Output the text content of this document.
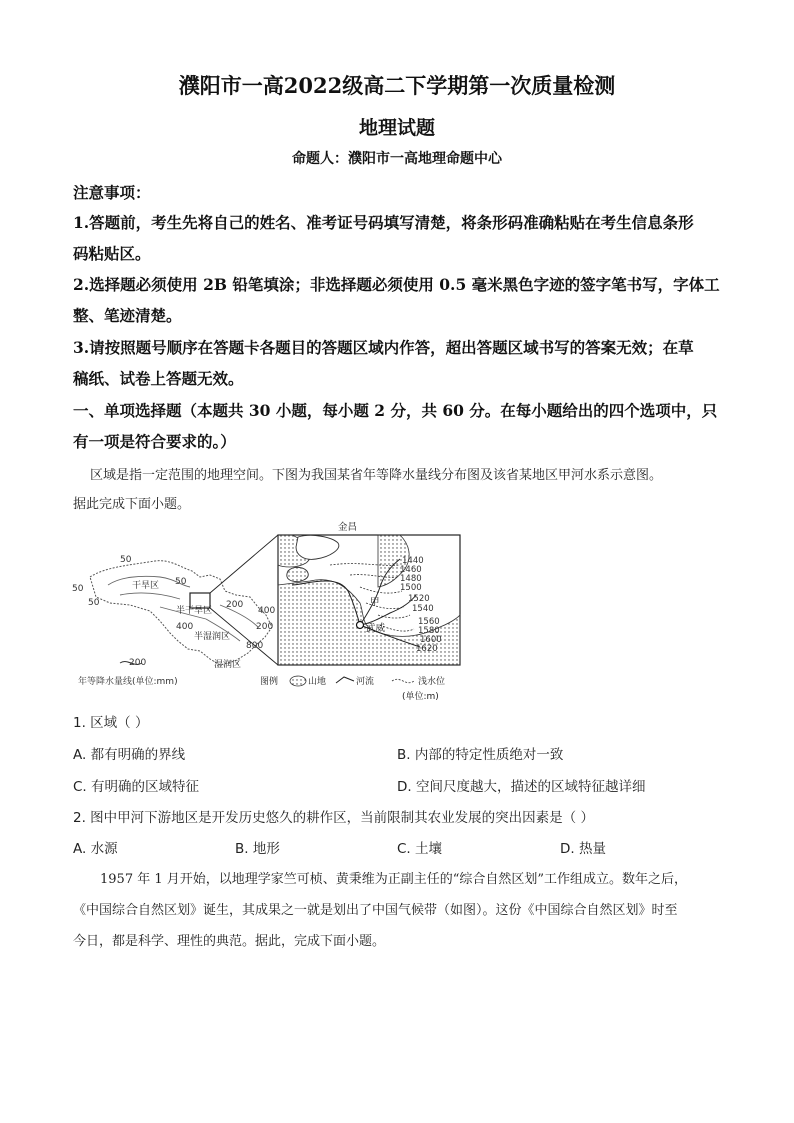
濮阳市一高2022级高二下学期第一次质量检测
地理试题
命题人：濮阳市一高地理命题中心
注意事项：
1.答题前，考生先将自己的姓名、准考证号码填写清楚，将条形码准确粘贴在考生信息条形
码粘贴区。
2.选择题必须使用 2B 铅笔填涂；非选择题必须使用 0.5 毫米黑色字迹的签字笔书写，字体工
整、笔迹清楚。
3.请按照题号顺序在答题卡各题目的答题区域内作答，超出答题区域书写的答案无效；在草
稿纸、试卷上答题无效。
一、单项选择题（本题共 30 小题，每小题 2 分，共 60 分。在每小题给出的四个选项中，只
有一项是符合要求的。）
区域是指一定范围的地理空间。下图为我国某省年等降水量线分布图及该省某地区甲河水系示意图。
据此完成下面小题。
50
50
50
50	200
400
400
200
800
干旱区
半干旱区
半湿润区
湿润区
200
年等降水量线(单位:mm)
金昌
武威
甲
1440
1460
1480
1500
1520
1540
1560
1580
1600
1620
图例	山地	河流	浅水位
(单位:m)
1. 区域（ ）
A. 都有明确的界线	B. 内部的特定性质绝对一致
C. 有明确的区域特征	D. 空间尺度越大，描述的区域特征越详细
2. 图中甲河下游地区是开发历史悠久的耕作区，当前限制其农业发展的突出因素是（ ）
A. 水源	B. 地形	C. 土壤	D. 热量
1957 年 1 月开始，以地理学家竺可桢、黄秉维为正副主任的“综合自然区划”工作组成立。数年之后，
《中国综合自然区划》诞生，其成果之一就是划出了中国气候带（如图）。这份《中国综合自然区划》时至
今日，都是科学、理性的典范。据此，完成下面小题。
